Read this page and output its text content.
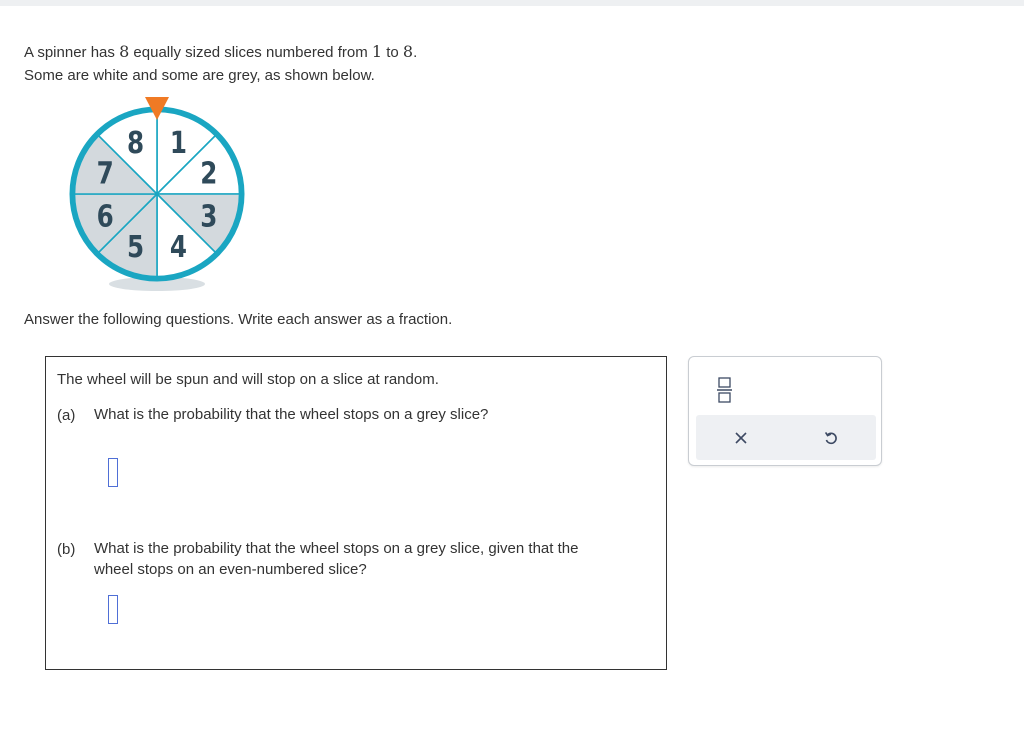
A spinner has 8 equally sized slices numbered from 1 to 8.
Some are white and some are grey, as shown below.
1
2
3
4
5
6
7
8
Answer the following questions. Write each answer as a fraction.
The wheel will be spun and will stop on a slice at random.
(a) What is the probability that the wheel stops on a grey slice?
(b) What is the probability that the wheel stops on a grey slice, given that the
wheel stops on an even-numbered slice?
